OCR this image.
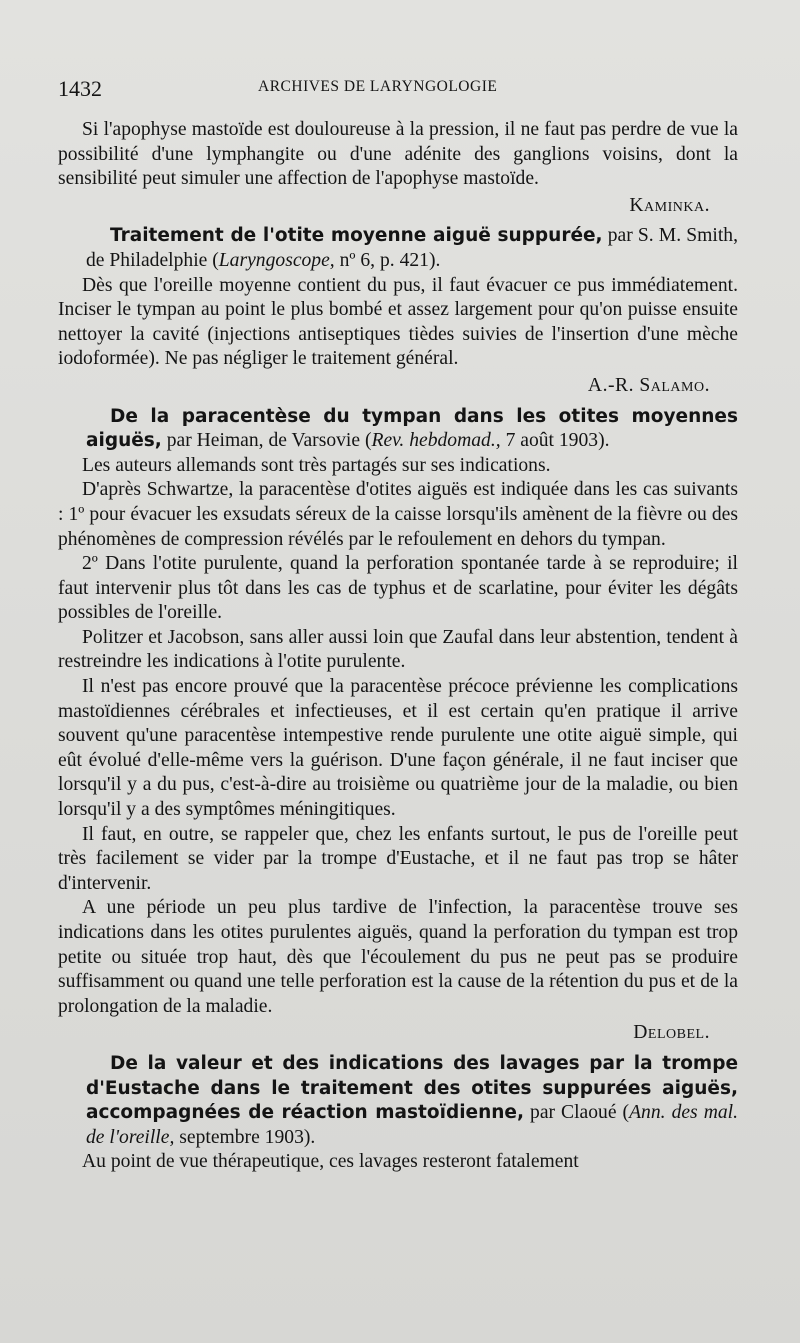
1432	ARCHIVES DE LARYNGOLOGIE

Si l'apophyse mastoïde est douloureuse à la pression, il ne faut pas perdre de vue la possibilité d'une lymphangite ou d'une adénite des ganglions voisins, dont la sensibilité peut simuler une affection de l'apophyse mastoïde.

Kaminka.

Traitement de l'otite moyenne aiguë suppurée, par S. M. Smith, de Philadelphie (Laryngoscope, nº 6, p. 421).

Dès que l'oreille moyenne contient du pus, il faut évacuer ce pus immédiatement. Inciser le tympan au point le plus bombé et assez largement pour qu'on puisse ensuite nettoyer la cavité (injections antiseptiques tièdes suivies de l'insertion d'une mèche iodoformée). Ne pas négliger le traitement général.

A.-R. Salamo.

De la paracentèse du tympan dans les otites moyennes aiguës, par Heiman, de Varsovie (Rev. hebdomad., 7 août 1903).

Les auteurs allemands sont très partagés sur ses indications.

D'après Schwartze, la paracentèse d'otites aiguës est indiquée dans les cas suivants : 1º pour évacuer les exsudats séreux de la caisse lorsqu'ils amènent de la fièvre ou des phénomènes de compression révélés par le refoulement en dehors du tympan.

2º Dans l'otite purulente, quand la perforation spontanée tarde à se reproduire; il faut intervenir plus tôt dans les cas de typhus et de scarlatine, pour éviter les dégâts possibles de l'oreille.

Politzer et Jacobson, sans aller aussi loin que Zaufal dans leur abstention, tendent à restreindre les indications à l'otite purulente.

Il n'est pas encore prouvé que la paracentèse précoce prévienne les complications mastoïdiennes cérébrales et infectieuses, et il est certain qu'en pratique il arrive souvent qu'une paracentèse intempestive rende purulente une otite aiguë simple, qui eût évolué d'elle-même vers la guérison. D'une façon générale, il ne faut inciser que lorsqu'il y a du pus, c'est-à-dire au troisième ou quatrième jour de la maladie, ou bien lorsqu'il y a des symptômes méningitiques.

Il faut, en outre, se rappeler que, chez les enfants surtout, le pus de l'oreille peut très facilement se vider par la trompe d'Eustache, et il ne faut pas trop se hâter d'intervenir.

A une période un peu plus tardive de l'infection, la paracentèse trouve ses indications dans les otites purulentes aiguës, quand la perforation du tympan est trop petite ou située trop haut, dès que l'écoulement du pus ne peut pas se produire suffisamment ou quand une telle perforation est la cause de la rétention du pus et de la prolongation de la maladie.

Delobel.

De la valeur et des indications des lavages par la trompe d'Eustache dans le traitement des otites suppurées aiguës, accompagnées de réaction mastoïdienne, par Claoué (Ann. des mal. de l'oreille, septembre 1903).

Au point de vue thérapeutique, ces lavages resteront fatalement
